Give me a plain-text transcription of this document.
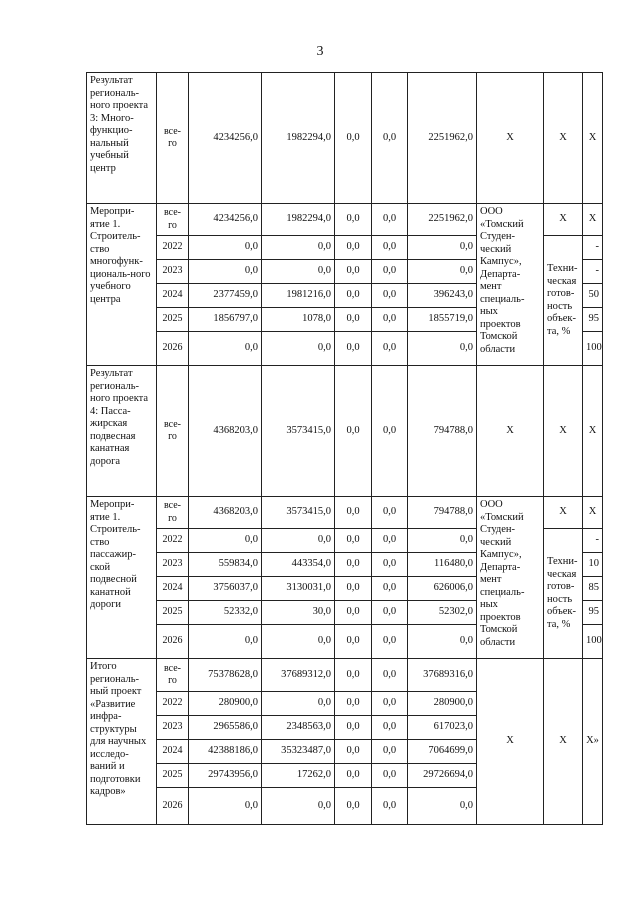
3
Результат региональ-ного проекта 3: Много-функцио-нальный учебный центр	все-го	4234256,0	1982294,0	0,0	0,0	2251962,0	Х	Х	Х
Меропри-ятие 1. Строитель-ство многофунк-циональ-ного учебного центра	все-го	4234256,0	1982294,0	0,0	0,0	2251962,0	ООО «Томский Студен-ческий Кампус», Департа-мент специаль-ных проектов Томской области	Х	Х
	2022	0,0	0,0	0,0	0,0	0,0		Техни-ческая готов-ность объек-та, %	-
	2023	0,0	0,0	0,0	0,0	0,0			-
	2024	2377459,0	1981216,0	0,0	0,0	396243,0			50
	2025	1856797,0	1078,0	0,0	0,0	1855719,0			95
	2026	0,0	0,0	0,0	0,0	0,0			100
Результат региональ-ного проекта 4: Пасса-жирская подвесная канатная дорога	все-го	4368203,0	3573415,0	0,0	0,0	794788,0	Х	Х	Х
Меропри-ятие 1. Строитель-ство пассажир-ской подвесной канатной дороги	все-го	4368203,0	3573415,0	0,0	0,0	794788,0	ООО «Томский Студен-ческий Кампус», Департа-мент специаль-ных проектов Томской области	Х	Х
	2022	0,0	0,0	0,0	0,0	0,0		Техни-ческая готов-ность объек-та, %	-
	2023	559834,0	443354,0	0,0	0,0	116480,0			10
	2024	3756037,0	3130031,0	0,0	0,0	626006,0			85
	2025	52332,0	30,0	0,0	0,0	52302,0			95
	2026	0,0	0,0	0,0	0,0	0,0			100
Итого региональ-ный проект «Развитие инфра-структуры для научных исследо-ваний и подготовки кадров»	все-го	75378628,0	37689312,0	0,0	0,0	37689316,0	Х	Х	Х»
	2022	280900,0	0,0	0,0	0,0	280900,0			
	2023	2965586,0	2348563,0	0,0	0,0	617023,0			
	2024	42388186,0	35323487,0	0,0	0,0	7064699,0			
	2025	29743956,0	17262,0	0,0	0,0	29726694,0			
	2026	0,0	0,0	0,0	0,0	0,0			
